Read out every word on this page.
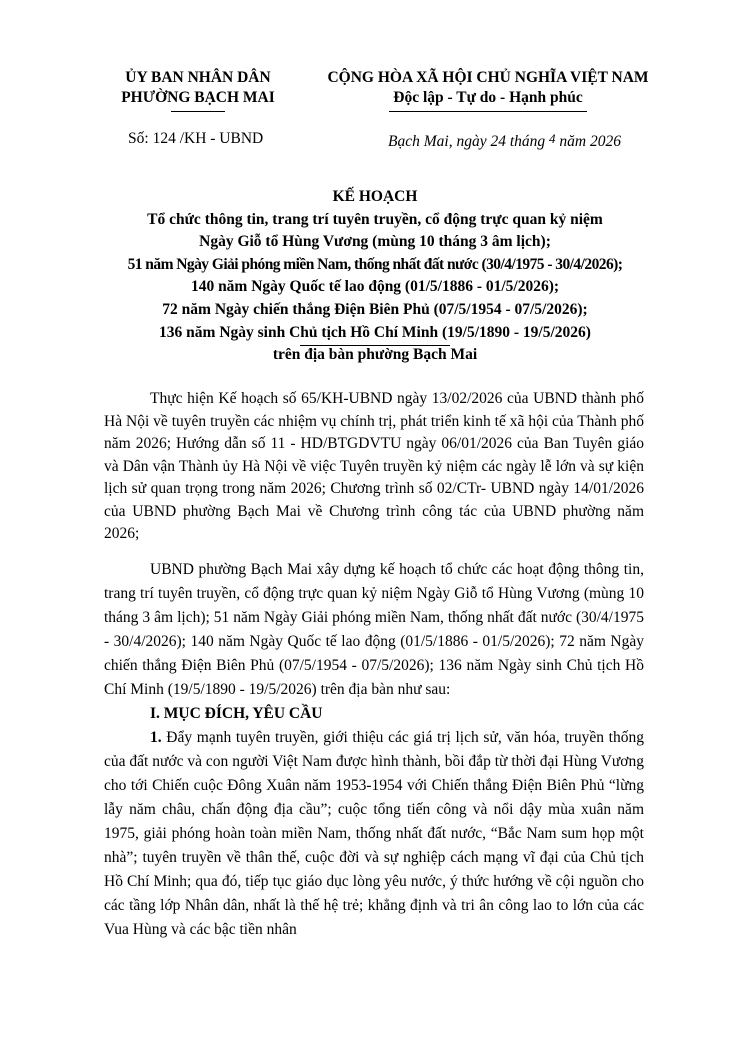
ỦY BAN NHÂN DÂN
PHƯỜNG BẠCH MAI
CỘNG HÒA XÃ HỘI CHỦ NGHĨA VIỆT NAM
Độc lập - Tự do - Hạnh phúc
Số: 124 /KH - UBND	Bạch Mai, ngày 24 tháng 4 năm 2026
KẾ HOẠCH
Tổ chức thông tin, trang trí tuyên truyền, cổ động trực quan kỷ niệm
Ngày Giỗ tổ Hùng Vương (mùng 10 tháng 3 âm lịch);
51 năm Ngày Giải phóng miền Nam, thống nhất đất nước (30/4/1975 - 30/4/2026);
140 năm Ngày Quốc tế lao động (01/5/1886 - 01/5/2026);
72 năm Ngày chiến thắng Điện Biên Phủ (07/5/1954 - 07/5/2026);
136 năm Ngày sinh Chủ tịch Hồ Chí Minh (19/5/1890 - 19/5/2026)
trên địa bàn phường Bạch Mai

Thực hiện Kế hoạch số 65/KH-UBND ngày 13/02/2026 của UBND thành phố Hà Nội về tuyên truyền các nhiệm vụ chính trị, phát triển kinh tế xã hội của Thành phố năm 2026; Hướng dẫn số 11 - HD/BTGDVTU ngày 06/01/2026 của Ban Tuyên giáo và Dân vận Thành ủy Hà Nội về việc Tuyên truyền kỷ niệm các ngày lễ lớn và sự kiện lịch sử quan trọng trong năm 2026; Chương trình số 02/CTr- UBND ngày 14/01/2026 của UBND phường Bạch Mai về Chương trình công tác của UBND phường năm 2026;

UBND phường Bạch Mai xây dựng kế hoạch tổ chức các hoạt động thông tin, trang trí tuyên truyền, cổ động trực quan kỷ niệm Ngày Giỗ tổ Hùng Vương (mùng 10 tháng 3 âm lịch); 51 năm Ngày Giải phóng miền Nam, thống nhất đất nước (30/4/1975 - 30/4/2026); 140 năm Ngày Quốc tế lao động (01/5/1886 - 01/5/2026); 72 năm Ngày chiến thắng Điện Biên Phủ (07/5/1954 - 07/5/2026); 136 năm Ngày sinh Chủ tịch Hồ Chí Minh (19/5/1890 - 19/5/2026) trên địa bàn như sau:

I. MỤC ĐÍCH, YÊU CẦU

1. Đẩy mạnh tuyên truyền, giới thiệu các giá trị lịch sử, văn hóa, truyền thống của đất nước và con người Việt Nam được hình thành, bồi đắp từ thời đại Hùng Vương cho tới Chiến cuộc Đông Xuân năm 1953-1954 với Chiến thắng Điện Biên Phủ “lừng lẫy năm châu, chấn động địa cầu”; cuộc tổng tiến công và nổi dậy mùa xuân năm 1975, giải phóng hoàn toàn miền Nam, thống nhất đất nước, “Bắc Nam sum họp một nhà”; tuyên truyền về thân thế, cuộc đời và sự nghiệp cách mạng vĩ đại của Chủ tịch Hồ Chí Minh; qua đó, tiếp tục giáo dục lòng yêu nước, ý thức hướng về cội nguồn cho các tầng lớp Nhân dân, nhất là thế hệ trẻ; khẳng định và tri ân công lao to lớn của các Vua Hùng và các bậc tiền nhân
